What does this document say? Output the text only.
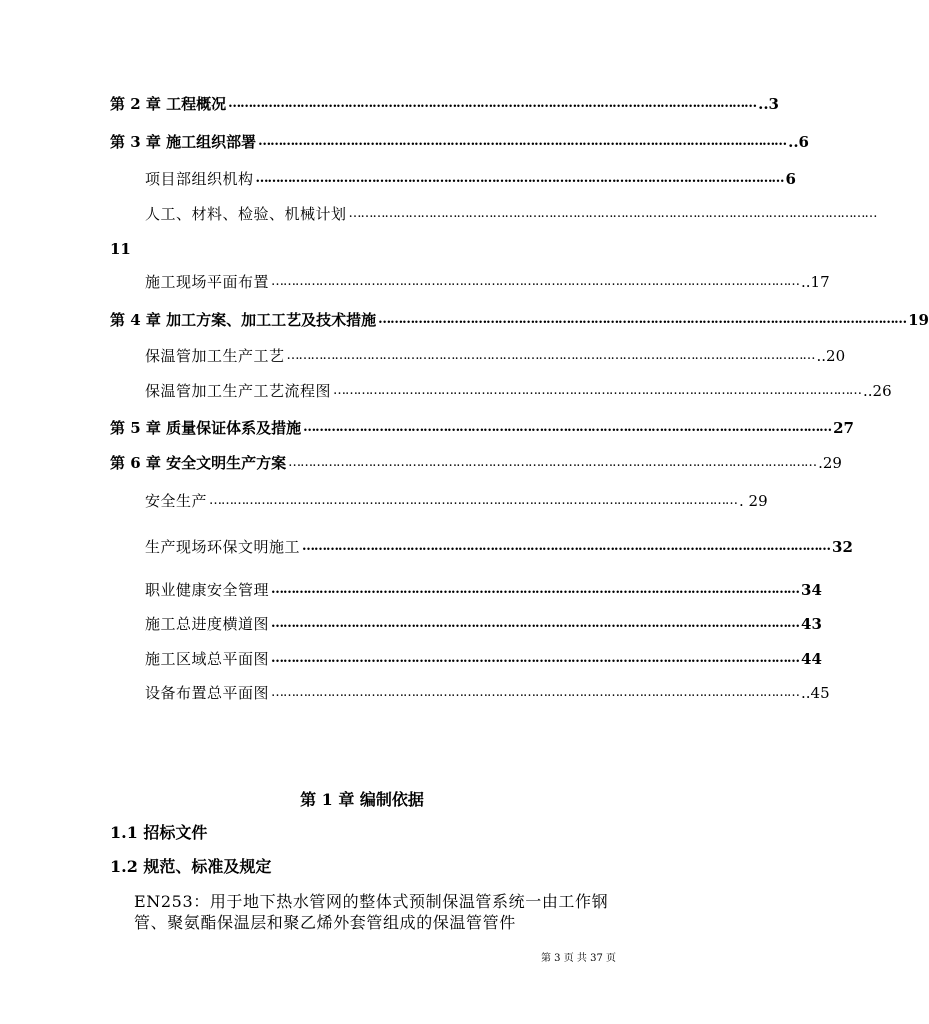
第 2 章 工程概况 …………………………………………………………………………………………………………………… ..3
第 3 章 施工组织部署 …………………………………………………………………………………………………………………… ..6
项目部组织机构 …………………………………………………………………………………………………………………… 6
人工、材料、检验、机械计划 ……………………………………………………………………………………………………………………
11
施工现场平面布置 …………………………………………………………………………………………………………………… ..17
第 4 章 加工方案、加工工艺及技术措施 …………………………………………………………………………………………………………………… 19
保温管加工生产工艺 …………………………………………………………………………………………………………………… ..20
保温管加工生产工艺流程图 …………………………………………………………………………………………………………………… ..26
第 5 章 质量保证体系及措施 …………………………………………………………………………………………………………………… 27
第 6 章 安全文明生产方案 …………………………………………………………………………………………………………………… .29
安全生产 …………………………………………………………………………………………………………………… . 29
生产现场环保文明施工 …………………………………………………………………………………………………………………… 32
职业健康安全管理 …………………………………………………………………………………………………………………… 34
施工总进度横道图 …………………………………………………………………………………………………………………… 43
施工区域总平面图 …………………………………………………………………………………………………………………… 44
设备布置总平面图 …………………………………………………………………………………………………………………… ..45
第 1 章 编制依据
1.1 招标文件
1.2 规范、标准及规定
EN253：用于地下热水管网的整体式预制保温管系统一由工作钢
管、聚氨酯保温层和聚乙烯外套管组成的保温管管件
第 3 页 共 37 页
